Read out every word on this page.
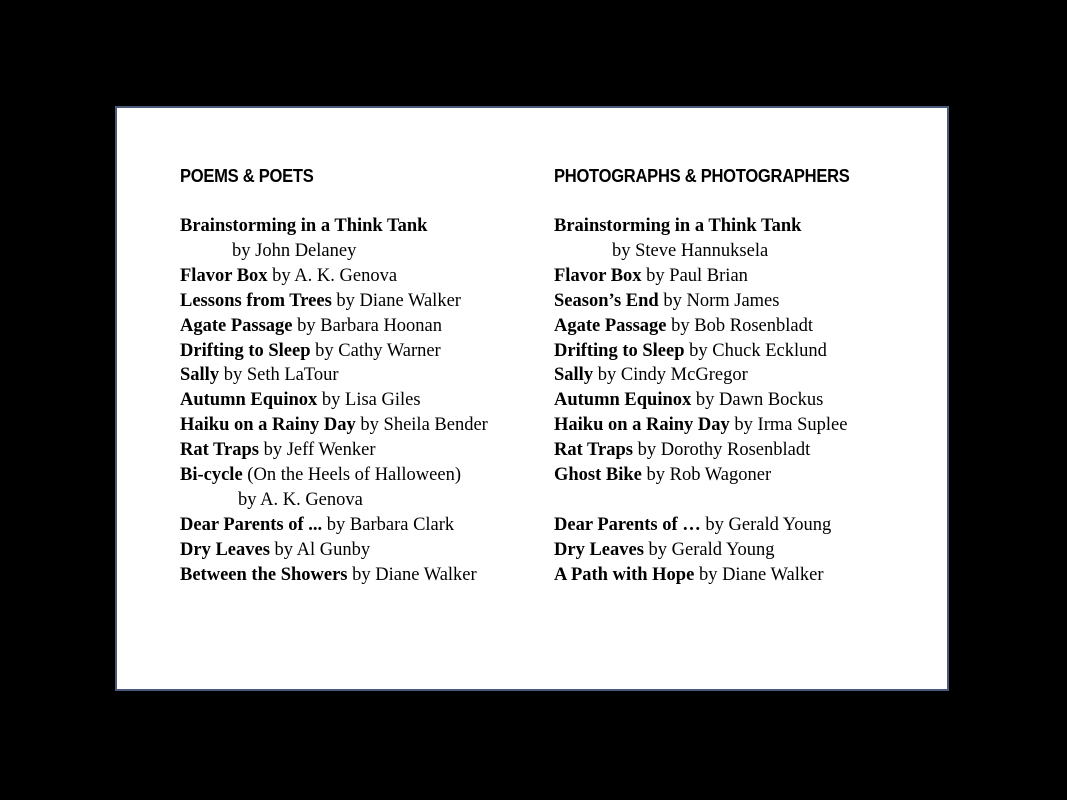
POEMS & POETS
Brainstorming in a Think Tank
by John Delaney
Flavor Box by A. K. Genova
Lessons from Trees by Diane Walker
Agate Passage by Barbara Hoonan
Drifting to Sleep by Cathy Warner
Sally by Seth LaTour
Autumn Equinox by Lisa Giles
Haiku on a Rainy Day by Sheila Bender
Rat Traps by Jeff Wenker
Bi-cycle (On the Heels of Halloween)
by A. K. Genova
Dear Parents of ... by Barbara Clark
Dry Leaves by Al Gunby
Between the Showers by Diane Walker
PHOTOGRAPHS & PHOTOGRAPHERS
Brainstorming in a Think Tank
by Steve Hannuksela
Flavor Box by Paul Brian
Season’s End by Norm James
Agate Passage by Bob Rosenbladt
Drifting to Sleep by Chuck Ecklund
Sally by Cindy McGregor
Autumn Equinox by Dawn Bockus
Haiku on a Rainy Day by Irma Suplee
Rat Traps by Dorothy Rosenbladt
Ghost Bike by Rob Wagoner
Dear Parents of … by Gerald Young
Dry Leaves by Gerald Young
A Path with Hope by Diane Walker
